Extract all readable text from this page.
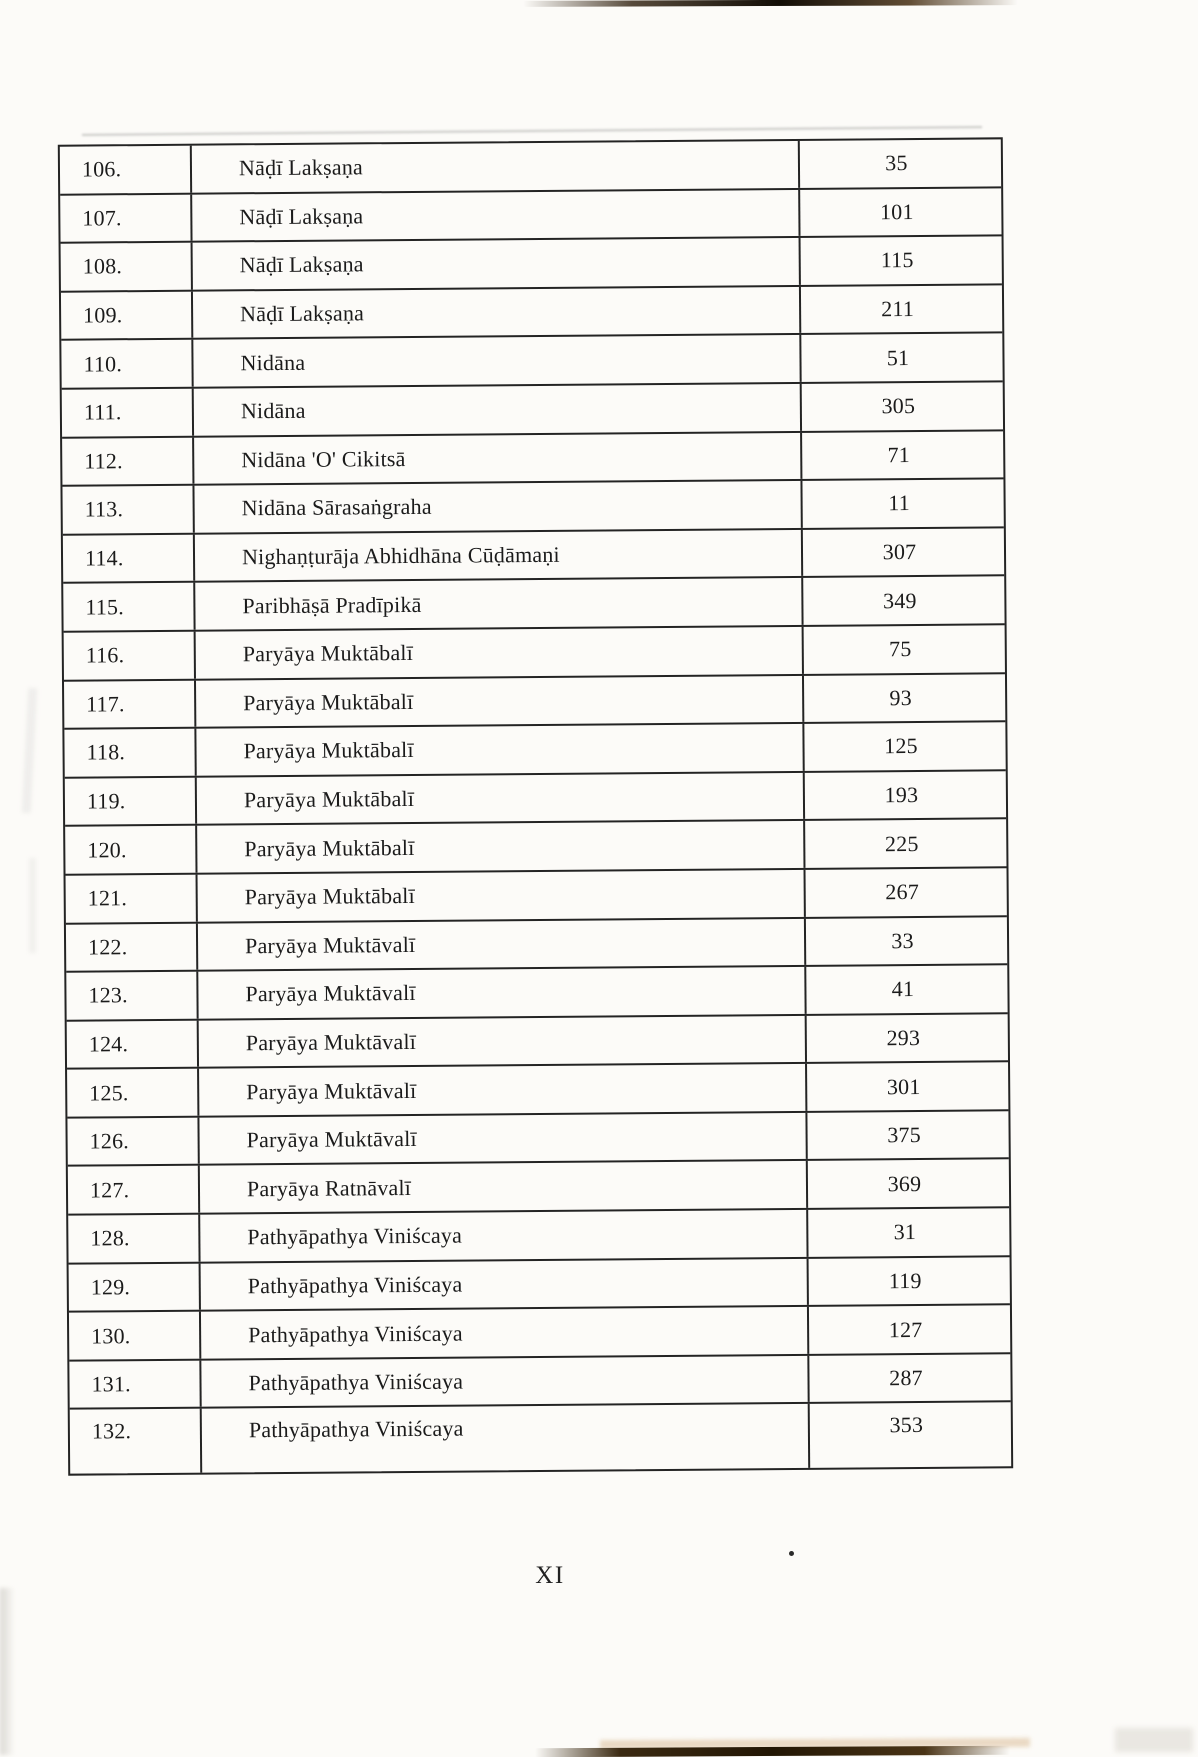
106.	Nāḍī Lakṣaṇa	35
107.	Nāḍī Lakṣaṇa	101
108.	Nāḍī Lakṣaṇa	115
109.	Nāḍī Lakṣaṇa	211
110.	Nidāna	51
111.	Nidāna	305
112.	Nidāna 'O' Cikitsā	71
113.	Nidāna Sārasaṅgraha	11
114.	Nighaṇṭurāja Abhidhāna Cūḍāmaṇi	307
115.	Paribhāṣā Pradīpikā	349
116.	Paryāya Muktābalī	75
117.	Paryāya Muktābalī	93
118.	Paryāya Muktābalī	125
119.	Paryāya Muktābalī	193
120.	Paryāya Muktābalī	225
121.	Paryāya Muktābalī	267
122.	Paryāya Muktāvalī	33
123.	Paryāya Muktāvalī	41
124.	Paryāya Muktāvalī	293
125.	Paryāya Muktāvalī	301
126.	Paryāya Muktāvalī	375
127.	Paryāya Ratnāvalī	369
128.	Pathyāpathya Viniścaya	31
129.	Pathyāpathya Viniścaya	119
130.	Pathyāpathya Viniścaya	127
131.	Pathyāpathya Viniścaya	287
132.	Pathyāpathya Viniścaya	353
XI
